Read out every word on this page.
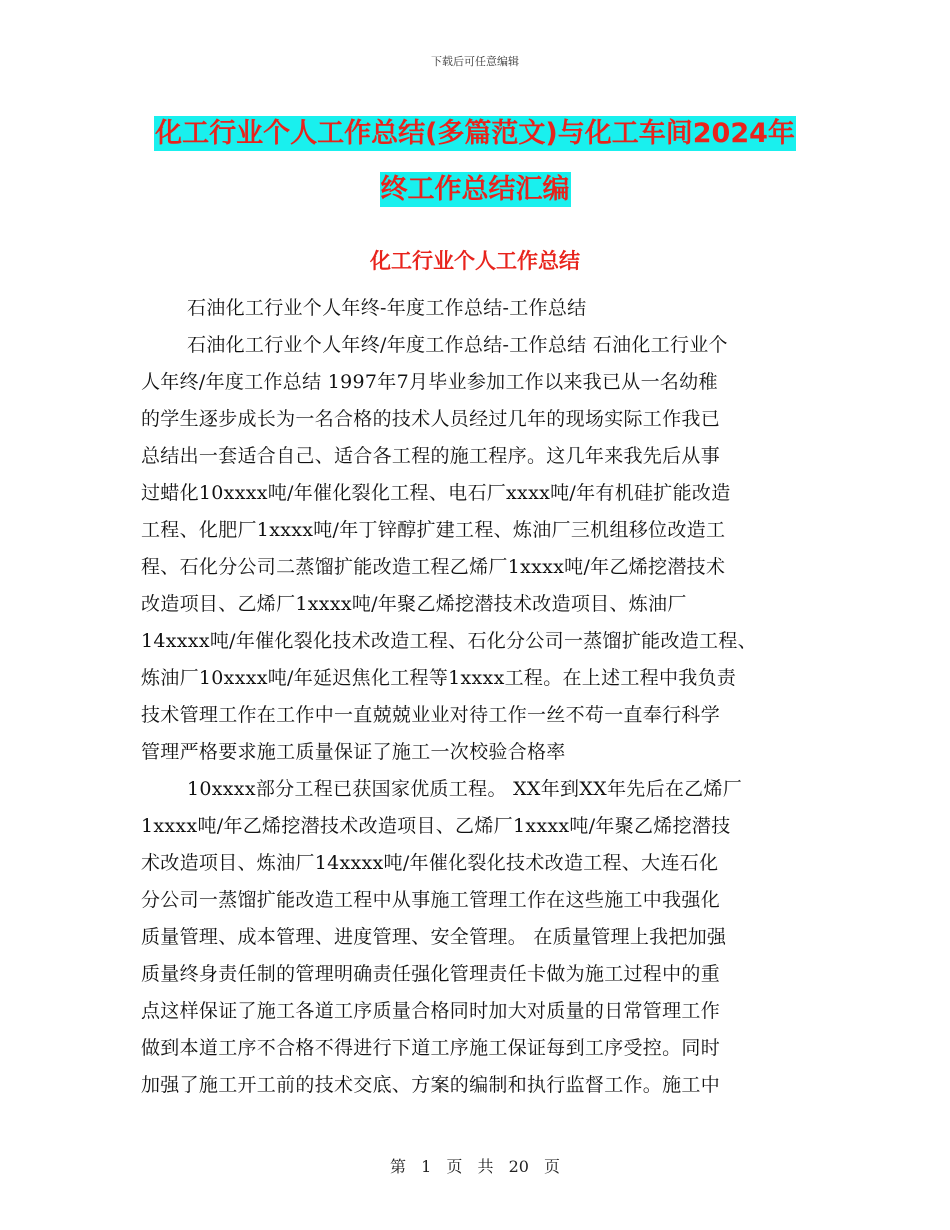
下载后可任意编辑
化工行业个人工作总结(多篇范文)与化工车间2024年
终工作总结汇编
化工行业个人工作总结
石油化工行业个人年终-年度工作总结-工作总结
石油化工行业个人年终/年度工作总结-工作总结 石油化工行业个
人年终/年度工作总结 1997年7月毕业参加工作以来我已从一名幼稚
的学生逐步成长为一名合格的技术人员经过几年的现场实际工作我已
总结出一套适合自己、适合各工程的施工程序。这几年来我先后从事
过蜡化10xxxx吨/年催化裂化工程、电石厂xxxx吨/年有机硅扩能改造
工程、化肥厂1xxxx吨/年丁锌醇扩建工程、炼油厂三机组移位改造工
程、石化分公司二蒸馏扩能改造工程乙烯厂1xxxx吨/年乙烯挖潜技术
改造项目、乙烯厂1xxxx吨/年聚乙烯挖潜技术改造项目、炼油厂
14xxxx吨/年催化裂化技术改造工程、石化分公司一蒸馏扩能改造工程、
炼油厂10xxxx吨/年延迟焦化工程等1xxxx工程。在上述工程中我负责
技术管理工作在工作中一直兢兢业业对待工作一丝不苟一直奉行科学
管理严格要求施工质量保证了施工一次校验合格率
10xxxx部分工程已获国家优质工程。 XX年到XX年先后在乙烯厂
1xxxx吨/年乙烯挖潜技术改造项目、乙烯厂1xxxx吨/年聚乙烯挖潜技
术改造项目、炼油厂14xxxx吨/年催化裂化技术改造工程、大连石化
分公司一蒸馏扩能改造工程中从事施工管理工作在这些施工中我强化
质量管理、成本管理、进度管理、安全管理。 在质量管理上我把加强
质量终身责任制的管理明确责任强化管理责任卡做为施工过程中的重
点这样保证了施工各道工序质量合格同时加大对质量的日常管理工作
做到本道工序不合格不得进行下道工序施工保证每到工序受控。同时
加强了施工开工前的技术交底、方案的编制和执行监督工作。施工中
第 1 页 共 20 页
